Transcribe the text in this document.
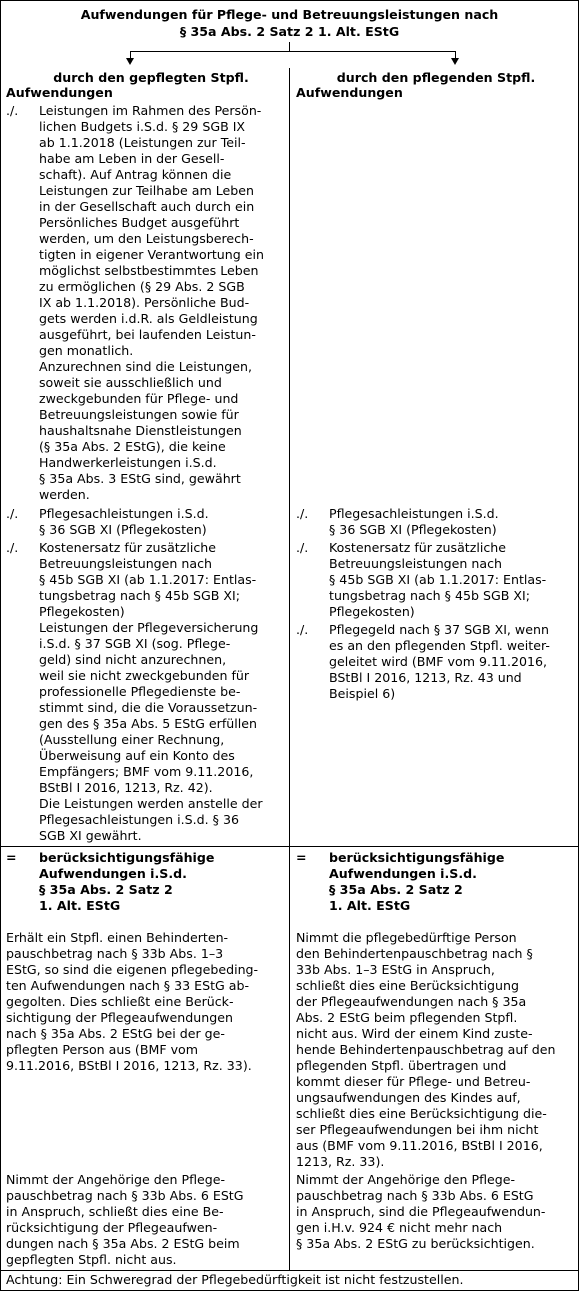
Aufwendungen für Pflege- und Betreuungsleistungen nach
§ 35a Abs. 2 Satz 2 1. Alt. EStG
durch den gepflegten Stpfl.
Aufwendungen
./. Leistungen im Rahmen des Persön-
lichen Budgets i.S.d. § 29 SGB IX
ab 1.1.2018 (Leistungen zur Teil-
habe am Leben in der Gesell-
schaft). Auf Antrag können die
Leistungen zur Teilhabe am Leben
in der Gesellschaft auch durch ein
Persönliches Budget ausgeführt
werden, um den Leistungsberech-
tigten in eigener Verantwortung ein
möglichst selbstbestimmtes Leben
zu ermöglichen (§ 29 Abs. 2 SGB
IX ab 1.1.2018). Persönliche Bud-
gets werden i.d.R. als Geldleistung
ausgeführt, bei laufenden Leistun-
gen monatlich.
Anzurechnen sind die Leistungen,
soweit sie ausschließlich und
zweckgebunden für Pflege- und
Betreuungsleistungen sowie für
haushaltsnahe Dienstleistungen
(§ 35a Abs. 2 EStG), die keine
Handwerkerleistungen i.S.d.
§ 35a Abs. 3 EStG sind, gewährt
werden.
./. Pflegesachleistungen i.S.d.
§ 36 SGB XI (Pflegekosten)
./. Kostenersatz für zusätzliche
Betreuungsleistungen nach
§ 45b SGB XI (ab 1.1.2017: Entlas-
tungsbetrag nach § 45b SGB XI;
Pflegekosten)
Leistungen der Pflegeversicherung
i.S.d. § 37 SGB XI (sog. Pflege-
geld) sind nicht anzurechnen,
weil sie nicht zweckgebunden für
professionelle Pflegedienste be-
stimmt sind, die die Voraussetzun-
gen des § 35a Abs. 5 EStG erfüllen
(Ausstellung einer Rechnung,
Überweisung auf ein Konto des
Empfängers; BMF vom 9.11.2016,
BStBl I 2016, 1213, Rz. 42).
Die Leistungen werden anstelle der
Pflegesachleistungen i.S.d. § 36
SGB XI gewährt.
= berücksichtigungsfähige
Aufwendungen i.S.d.
§ 35a Abs. 2 Satz 2
1. Alt. EStG
Erhält ein Stpfl. einen Behinderten-
pauschbetrag nach § 33b Abs. 1–3
EStG, so sind die eigenen pflegebeding-
ten Aufwendungen nach § 33 EStG ab-
gegolten. Dies schließt eine Berück-
sichtigung der Pflegeaufwendungen
nach § 35a Abs. 2 EStG bei der ge-
pflegten Person aus (BMF vom
9.11.2016, BStBl I 2016, 1213, Rz. 33).
Nimmt der Angehörige den Pflege-
pauschbetrag nach § 33b Abs. 6 EStG
in Anspruch, schließt dies eine Be-
rücksichtigung der Pflegeaufwen-
dungen nach § 35a Abs. 2 EStG beim
gepflegten Stpfl. nicht aus.
durch den pflegenden Stpfl.
Aufwendungen
./. Pflegesachleistungen i.S.d.
§ 36 SGB XI (Pflegekosten)
./. Kostenersatz für zusätzliche
Betreuungsleistungen nach
§ 45b SGB XI (ab 1.1.2017: Entlas-
tungsbetrag nach § 45b SGB XI;
Pflegekosten)
./. Pflegegeld nach § 37 SGB XI, wenn
es an den pflegenden Stpfl. weiter-
geleitet wird (BMF vom 9.11.2016,
BStBl I 2016, 1213, Rz. 43 und
Beispiel 6)
= berücksichtigungsfähige
Aufwendungen i.S.d.
§ 35a Abs. 2 Satz 2
1. Alt. EStG
Nimmt die pflegebedürftige Person
den Behindertenpauschbetrag nach §
33b Abs. 1–3 EStG in Anspruch,
schließt dies eine Berücksichtigung
der Pflegeaufwendungen nach § 35a
Abs. 2 EStG beim pflegenden Stpfl.
nicht aus. Wird der einem Kind zuste-
hende Behindertenpauschbetrag auf den
pflegenden Stpfl. übertragen und
kommt dieser für Pflege- und Betreu-
ungsaufwendungen des Kindes auf,
schließt dies eine Berücksichtigung die-
ser Pflegeaufwendungen bei ihm nicht
aus (BMF vom 9.11.2016, BStBl I 2016,
1213, Rz. 33).
Nimmt der Angehörige den Pflege-
pauschbetrag nach § 33b Abs. 6 EStG
in Anspruch, sind die Pflegeaufwendun-
gen i.H.v. 924 € nicht mehr nach
§ 35a Abs. 2 EStG zu berücksichtigen.
Achtung: Ein Schweregrad der Pflegebedürftigkeit ist nicht festzustellen.
